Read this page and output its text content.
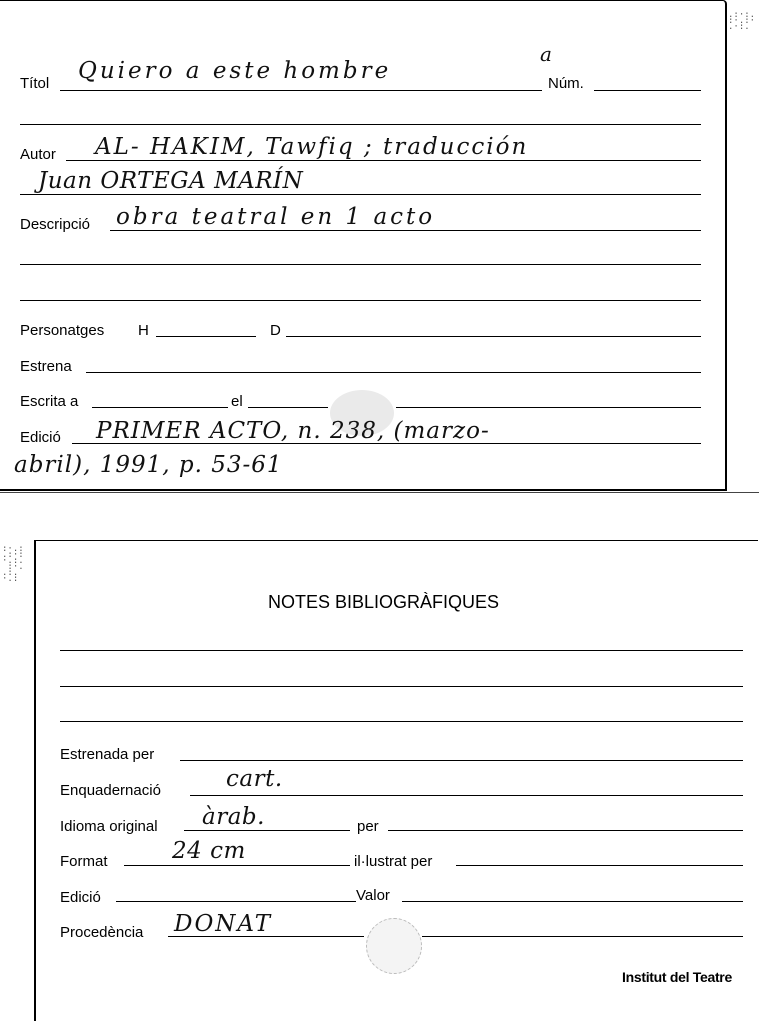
.:·:.
:·.:·
.·:.
Títol Quiero a este hombre
a
Núm.
Autor AL- HAKIM, Tawfiq ; traducción
Juan ORTEGA MARÍN
Descripció obra teatral en 1 acto
Personatges H	D
Estrena
Escrita a	el
Edició PRIMER ACTO, n. 238, (marzo-
abril), 1991, p. 53-61
:·.:
.:·:
·.:.
:·.
.:.
·.:
NOTES BIBLIOGRÀFIQUES
Estrenada per
Enquadernació	cart.
Idioma original àrab.	per
Format	24 cm	il·lustrat per
Edició	Valor
Procedència DONAT
Institut del Teatre
